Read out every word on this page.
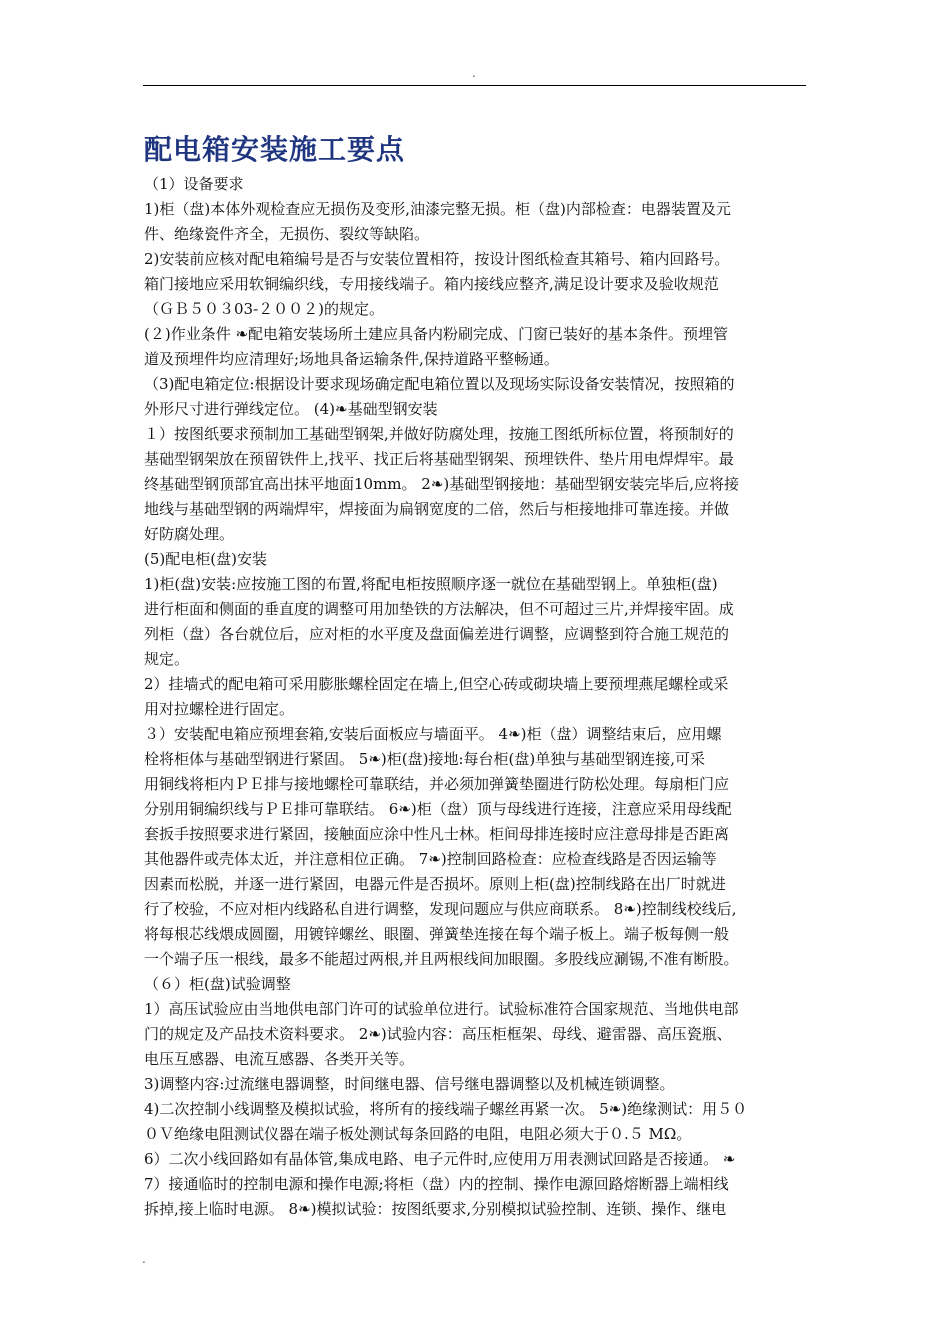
.
配电箱安装施工要点

（1）设备要求

1)柜（盘)本体外观检查应无损伤及变形,油漆完整无损。柜（盘)内部检查：电器装置及元

件、绝缘瓷件齐全，无损伤、裂纹等缺陷。

2)安装前应核对配电箱编号是否与安装位置相符，按设计图纸检查其箱号、箱内回路号。

箱门接地应采用软铜编织线，专用接线端子。箱内接线应整齐,满足设计要求及验收规范

（ＧＢ５０３03-２００２)的规定。

(２)作业条件 ❧配电箱安装场所土建应具备内粉刷完成、门窗已装好的基本条件。预埋管

道及预埋件均应清理好;场地具备运输条件,保持道路平整畅通。

（3)配电箱定位:根据设计要求现场确定配电箱位置以及现场实际设备安装情况，按照箱的

外形尺寸进行弹线定位。 (4)❧基础型钢安装

１）按图纸要求预制加工基础型钢架,并做好防腐处理，按施工图纸所标位置，将预制好的

基础型钢架放在预留铁件上,找平、找正后将基础型钢架、预埋铁件、垫片用电焊焊牢。最

终基础型钢顶部宜高出抹平地面10mm。 2❧)基础型钢接地：基础型钢安装完毕后,应将接

地线与基础型钢的两端焊牢，焊接面为扁钢宽度的二倍，然后与柜接地排可靠连接。并做

好防腐处理。

(5)配电柜(盘)安装

1)柜(盘)安装:应按施工图的布置,将配电柜按照顺序逐一就位在基础型钢上。单独柜(盘)

进行柜面和侧面的垂直度的调整可用加垫铁的方法解决，但不可超过三片,并焊接牢固。成

列柜（盘）各台就位后，应对柜的水平度及盘面偏差进行调整，应调整到符合施工规范的

规定。

2）挂墙式的配电箱可采用膨胀螺栓固定在墙上,但空心砖或砌块墙上要预埋燕尾螺栓或采

用对拉螺栓进行固定。

３）安装配电箱应预埋套箱,安装后面板应与墙面平。 4❧)柜（盘）调整结束后，应用螺

栓将柜体与基础型钢进行紧固。 5❧)柜(盘)接地:每台柜(盘)单独与基础型钢连接,可采

用铜线将柜内ＰＥ排与接地螺栓可靠联结，并必须加弹簧垫圈进行防松处理。每扇柜门应

分别用铜编织线与ＰＥ排可靠联结。 6❧)柜（盘）顶与母线进行连接，注意应采用母线配

套扳手按照要求进行紧固，接触面应涂中性凡士林。柜间母排连接时应注意母排是否距离

其他器件或壳体太近，并注意相位正确。 7❧)控制回路检查：应检查线路是否因运输等

因素而松脱，并逐一进行紧固，电器元件是否损坏。原则上柜(盘)控制线路在出厂时就进

行了校验，不应对柜内线路私自进行调整，发现问题应与供应商联系。 8❧)控制线校线后,

将每根芯线煨成圆圈，用镀锌螺丝、眼圈、弹簧垫连接在每个端子板上。端子板每侧一般

一个端子压一根线，最多不能超过两根,并且两根线间加眼圈。多股线应涮锡,不准有断股。

（６）柜(盘)试验调整

1）高压试验应由当地供电部门许可的试验单位进行。试验标准符合国家规范、当地供电部

门的规定及产品技术资料要求。 2❧)试验内容：高压柜框架、母线、避雷器、高压瓷瓶、

电压互感器、电流互感器、各类开关等。

3)调整内容:过流继电器调整，时间继电器、信号继电器调整以及机械连锁调整。

4)二次控制小线调整及模拟试验，将所有的接线端子螺丝再紧一次。 5❧)绝缘测试：用５０

０Ｖ绝缘电阻测试仪器在端子板处测试每条回路的电阻，电阻必须大于０.５ MΩ。

6）二次小线回路如有晶体管,集成电路、电子元件时,应使用万用表测试回路是否接通。 ❧

7）接通临时的控制电源和操作电源;将柜（盘）内的控制、操作电源回路熔断器上端相线

拆掉,接上临时电源。 8❧)模拟试验：按图纸要求,分别模拟试验控制、连锁、操作、继电

.
